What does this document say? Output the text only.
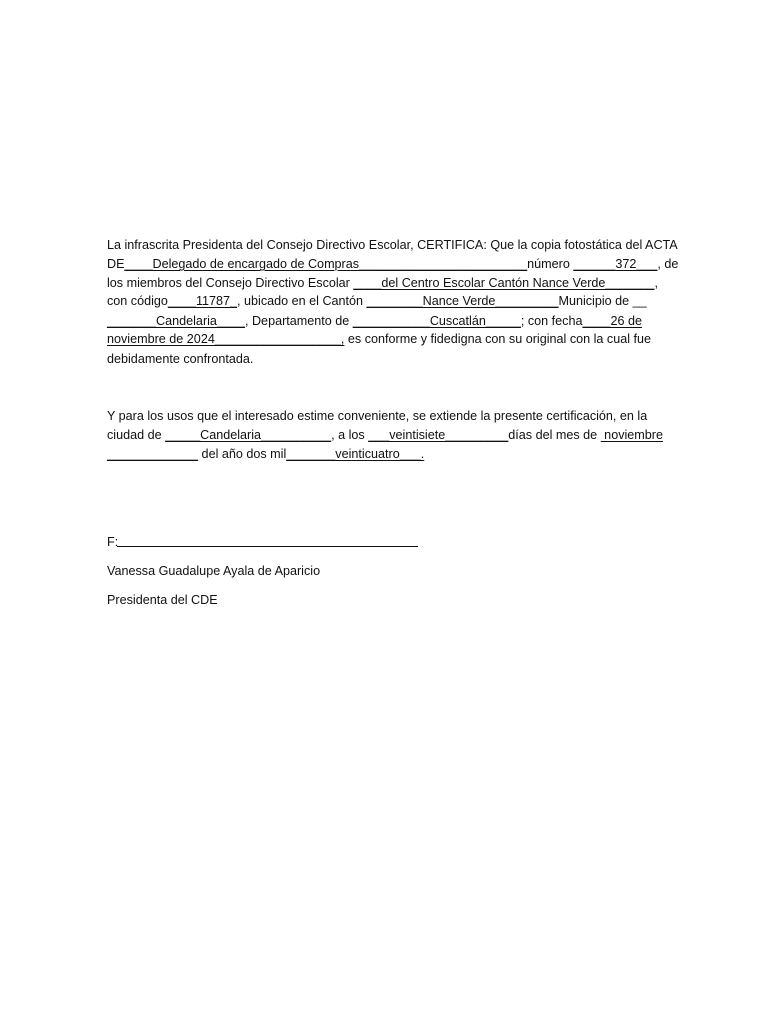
La infrascrita Presidenta del Consejo Directivo Escolar, CERTIFICA: Que la copia fotostática del ACTA
DE____Delegado de encargado de Compras________________________número ______372___, de
los miembros del Consejo Directivo Escolar ____del Centro Escolar Cantón Nance Verde_______,
con código____11787_, ubicado en el Cantón ________Nance Verde_________Municipio de __
_______Candelaria____, Departamento de ___________Cuscatlán_____; con fecha____26 de
noviembre de 2024__________________, es conforme y fidedigna con su original con la cual fue
debidamente confrontada.
Y para los usos que el interesado estime conveniente, se extiende la presente certificación, en la
ciudad de _____Candelaria__________, a los ___veintisiete_________días del mes de  noviembre
_____________ del año dos mil_______veinticuatro___.
F:
Vanessa Guadalupe Ayala de Aparicio
Presidenta del CDE
